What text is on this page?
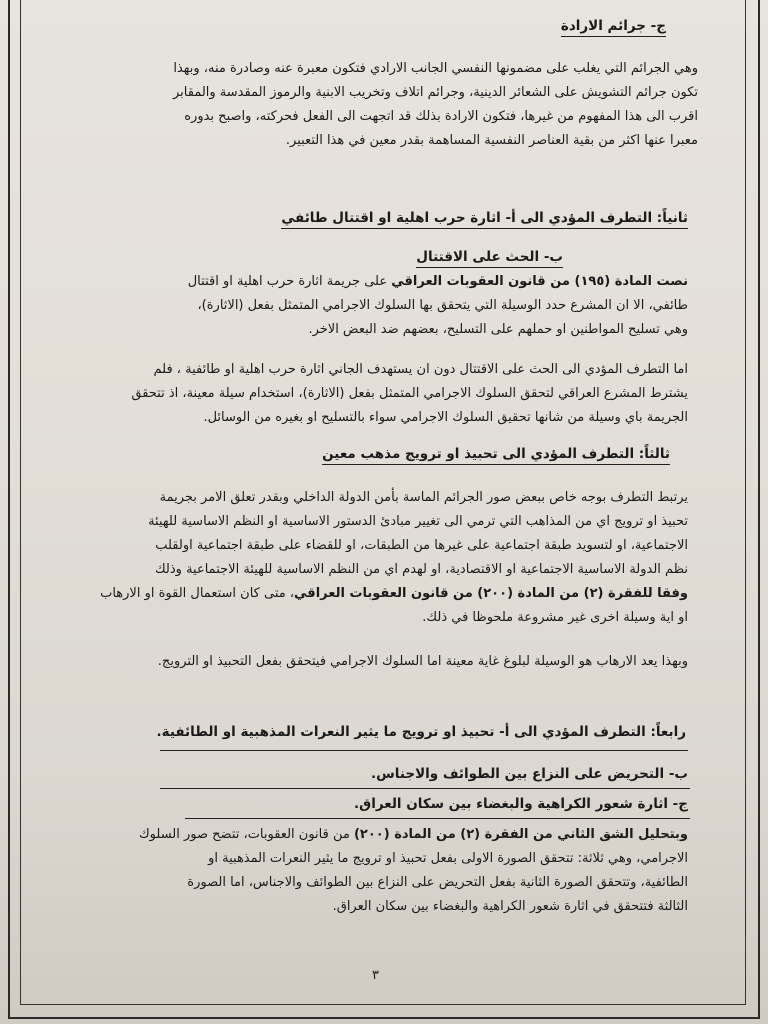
ج- جرائم الارادة
وهي الجرائم التي يغلب على مضمونها النفسي الجانب الارادي فتكون معبرة عنه وصادرة منه، وبهذا
تكون جرائم التشويش على الشعائر الدينية، وجرائم اتلاف وتخريب الابنية والرموز المقدسة والمقابر
اقرب الى هذا المفهوم من غيرها، فتكون الارادة بذلك قد اتجهت الى الفعل فحركته، واصبح بدوره
معبرا عنها اكثر من بقية العناصر النفسية المساهمة بقدر معين في هذا التعبير.
ثانياً: التطرف المؤدي الى أ- اثارة حرب اهلية او اقتتال طائفي
ب- الحث على الاقتتال
نصت المادة (١٩٥) من قانون العقوبات العراقي على جريمة اثارة حرب اهلية او اقتتال
طائفي، الا ان المشرع حدد الوسيلة التي يتحقق بها السلوك الاجرامي المتمثل بفعل (الاثارة)،
وهي تسليح المواطنين او حملهم على التسليح، بعضهم ضد البعض الاخر.
اما التطرف المؤدي الى الحث على الاقتتال دون ان يستهدف الجاني اثارة حرب اهلية او طائفية ، فلم
يشترط المشرع العراقي لتحقق السلوك الاجرامي المتمثل بفعل (الاثارة)، استخدام سيلة معينة، اذ تتحقق
الجريمة باي وسيلة من شانها تحقيق السلوك الاجرامي سواء بالتسليح او بغيره من الوسائل.
ثالثاً: التطرف المؤدي الى تحبيذ او ترويج مذهب معين
يرتبط التطرف بوجه خاص ببعض صور الجرائم الماسة بأمن الدولة الداخلي وبقدر تعلق الامر بجريمة
تحبيذ او ترويج اي من المذاهب التي ترمي الى تغيير مبادئ الدستور الاساسية او النظم الاساسية للهيئة
الاجتماعية، او لتسويد طبقة اجتماعية على غيرها من الطبقات، او للقضاء على طبقة اجتماعية اولقلب
نظم الدولة الاساسية الاجتماعية او الاقتصادية، او لهدم اي من النظم الاساسية للهيئة الاجتماعية وذلك
وفقا للفقرة (٢) من المادة (٢٠٠) من قانون العقوبات العراقي، متى كان استعمال القوة او الارهاب
او اية وسيلة اخرى غير مشروعة ملحوظا في ذلك.
وبهذا يعد الارهاب هو الوسيلة لبلوغ غاية معينة اما السلوك الاجرامي فيتحقق بفعل التحبيذ او الترويج.
رابعاً: التطرف المؤدي الى أ- تحبيذ او ترويج ما يثير النعرات المذهبية او الطائفية.
ب- التحريض على النزاع بين الطوائف والاجناس.
ج- اثارة شعور الكراهية والبغضاء بين سكان العراق.
وبتحليل الشق الثاني من الفقرة (٢) من المادة (٢٠٠) من قانون العقوبات، تتضح صور السلوك
الاجرامي، وهي ثلاثة: تتحقق الصورة الاولى بفعل تحبيذ او ترويج ما يثير النعرات المذهبية او
الطائفية، وتتحقق الصورة الثانية بفعل التحريض على النزاع بين الطوائف والاجناس، اما الصورة
الثالثة فتتحقق في اثارة شعور الكراهية والبغضاء بين سكان العراق.
٣
